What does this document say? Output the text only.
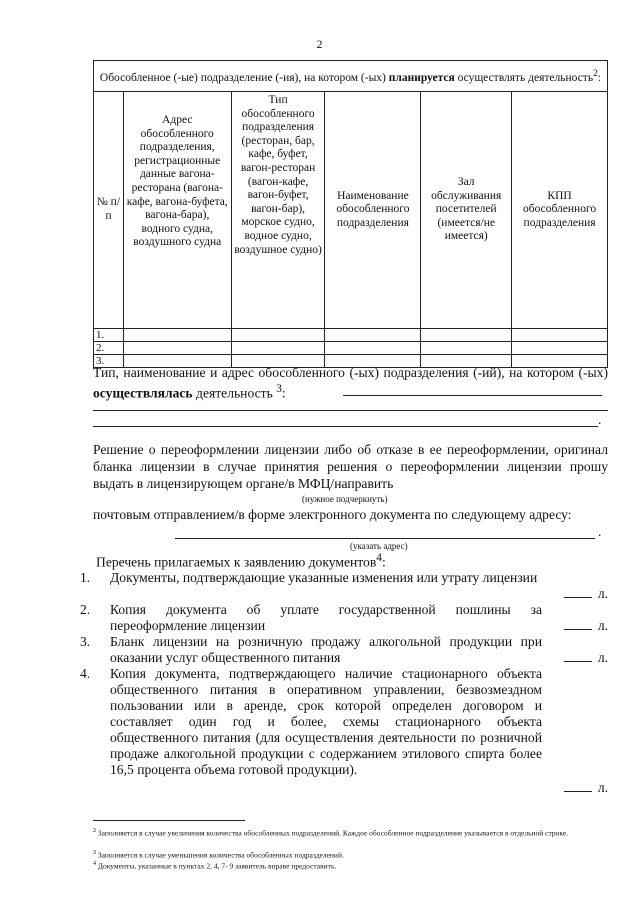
2
Обособленное (-ые) подразделение (-ия), на котором (-ых) планируется осуществлять деятельность$^2$:					
№ п/п	Адрес обособленного подразделения, регистрационные данные вагона-ресторана (вагона-кафе, вагона-буфета, вагона-бара), водного судна, воздушного судна	Тип обособленного подразделения (ресторан, бар, кафе, буфет, вагон-ресторан (вагон-кафе, вагон-буфет, вагон-бар), морское судно, водное судно, воздушное судно)	Наименование обособленного подразделения	Зал обслуживания посетителей (имеется/не имеется)	КПП обособленного подразделения
1.					
2.					
3.					
Тип, наименование и адрес обособленного (-ых) подразделения (-ий), на котором (-ых) осуществлялась деятельность $^3$:
.
Решение о переоформлении лицензии либо об отказе в ее переоформлении, оригинал бланка лицензии в случае принятия решения о переоформлении лицензии прошу выдать в лицензирующем органе/в МФЦ/направить
(нужное подчеркнуть)
почтовым отправлением/в форме электронного документа по следующему адресу:
.
(указать адрес)
Перечень прилагаемых к заявлению документов$^4$:
1.	Документы, подтверждающие указанные изменения или утрату лицензии
л.
2.	Копия документа об уплате государственной пошлины за переоформление лицензии	л.
3.	Бланк лицензии на розничную продажу алкогольной продукции при оказании услуг общественного питания	л.
4.	Копия документа, подтверждающего наличие стационарного объекта общественного питания в оперативном управлении, безвозмездном пользовании или в аренде, срок которой определен договором и составляет один год и более, схемы стационарного объекта общественного питания (для осуществления деятельности по розничной продаже алкогольной продукции с содержанием этилового спирта более 16,5 процента объема готовой продукции).
л.
$^2$ Заполняется в случае увеличения количества обособленных подразделений. Каждое обособленное подразделение указывается в отдельной строке.
$^3$ Заполняется в случае уменьшения количества обособленных подразделений.
$^4$ Документы, указанные в пунктах 2, 4, 7- 9 заявитель вправе предоставить.
